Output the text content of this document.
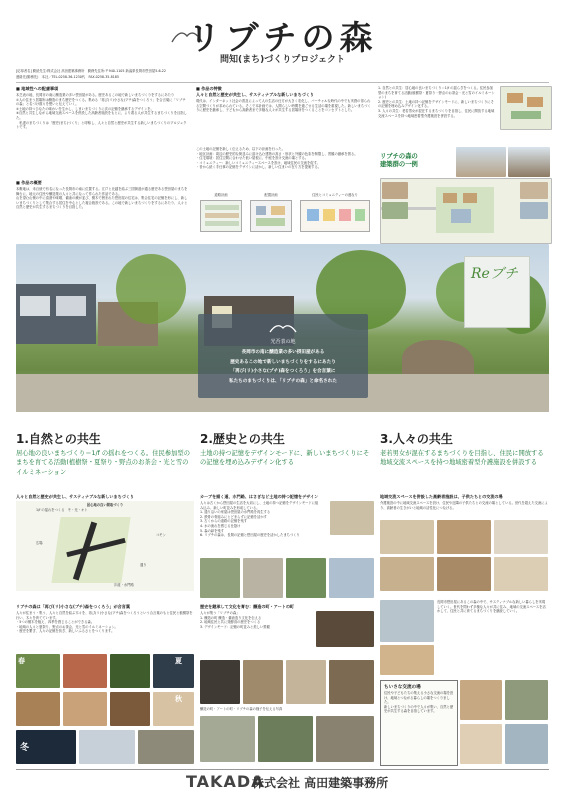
リブチの森
問知(まち)づくりプロジェクト
[応募者名] 勤続先生:株式会社 高田建築事務所　勤務先住所:〒940-1105 新潟県長岡市摂田屋5-6-22
連絡先(勤務先)　本社／TEL.0258-36-1230代　FAX.0258-35-8185
■ 地域性への配慮事項
本芝表の地、長岡市の南に醸造業の多い摂田屋がある。歴史あるこの地で新しいまちづくりをするにあたり
①人の住まう居場所は醸造のまち歴史をつくる。集める「再び(リ)小さな(プチ)森をつくろう」を合言葉に「リブチの森」と名づけ数々を想いと伝えていく。
②土地の持つひなたの味わいを生かし、しまいまちづくりに次の記憶を継承するデザインを。
③自然と共生しながら地域交流スペースを併設した高齢者施設をもとに、より着る人が共生するまちづくりを目指した。
　私達のまちづくりは「歴史(まち)づくり」と呼称し、人々と自然と歴史が共生する新しいまちづくりのプロジェクトです。
■ 作品の概要
本敷地は、米百俵で有名になった長岡市の南に位置する。江戸と北越を結ぶ三国街道が通る歴史ある摂田屋のまちを舞台に、地元の住民や醸造業の人々と共になって作られた作品である。
山を望む山懐の中に清酒や味噌、醤油の蔵が並び、樹木で囲まれた摂田屋の住宅は、集合住宅の記憶を形にし、新しいまちづくりとして集合する居住を中心とした複合施設である。この地で新しいまちづくりをするにあたり、人々と自然と歴史が共生するまちづくりを目指した。
■ 作品の特徴
人々と自然と歴史が共生し、サスティナブルな新しいまちづくり
現代は、インターネット社会の普及によって人の生活の仕方が大きく変化し、バーチャルな時代の中でも実感の得られる空間づくりが求められている。そこで本計画では、人間らしい時間を過ごせる生活の場を重視した。新しいまちづくりに歴史を継承し、子どもから高齢者まで多様な人々が共生する居場所をつくることをコンセプトとした。
この土地の記憶を新しく伝えるため、以下の計画を行った。
・地区計画：周辺の歴史的な街並みに溶け込む建物の高さ・形状と外観の色彩を制限し、景観の継承を図る。
・住宅環境：居住空間に合わせた低い屋根に、中庭を設け交流の場とする。
・コミュニティー：新しいコミュニティースペースを設け、地域住民の交流を促す。
・昔から続く手仕事の記憶をデザインに活かし、新しい住まいの在り方を提案する。
道路計画	配置計画	住民とコミュニティーの連なり
1. 自然との共生：居心地の良いまちづくり＝1/f の揺らぎをつくる。住民参加型のまちを育てる活動(植樹祭・夏祭り・野点のお茶会・光と雪のイルミネーション)
2. 歴史との共生：土地の持つ記憶をデザインモードに、新しいまちづくりにその記憶を埋め込みデザイン化する。
3. 人々の共生：老若男女が混在するまちづくりを目指し、住民に開放する地域交流スペースを持つ地域密着型介護施設を併設する。
リブチの森の
建築群の一例
Reブチ
光否表の地
長岡市の南に醸造業の多い摂田屋がある
歴史あるこの地で新しいまちづくりをするにあたり
「再び(リ)小さな(プチ)森をつくろう」を合言葉に
私たちのまちづくりは、「リブチの森」と命名された
1.自然との共生
居心地の良いまちづくり＝1/f の揺れをつくる。住民参加型のまちを育てる活動(植樹祭・夏祭り・野点のお茶会・光と雪のイルミネーション
2.歴史との共生
土地の持つ記憶をデザインモードに、新しいまちづくりにその記憶を埋め込みデザイン化する
3.人々の共生
老若男女が混在するまちづくりを目指し、住民に開放する地域交流スペースを持つ地域密着型介護施設を併設する
人々と自然と歴史が共生し、サスティナブルな新しいまちづくり
居心地の良い間取づくり
1/f の揺れをつくる　モ・光・オト
広場
コモン
通り
歩道・水門路
リブチの森は「再び(リ)小さな(プチ)森をつくろう」が合言葉
人々が住まう・集う、人々と自然を結ぶ木々を、再び(リ)小さな(プチ)森をつくろうという合言葉のもと住民と植樹祭を行い、木々を育てています。
・5つの樹木を植え、四季を感じることができる森。
・地域の人々と夏祭り、野点のお茶会、光と雪のイルミネーション。
・歴史を繋ぎ、人々の記憶を紡ぎ、新しいふるさとをつくります。
春	夏
秋
冬
カーブを描く道、水門路、はさぎなど土地の持つ記憶をデザイン
人々は古くから摂田屋の生活を大切にし、土地の持つ記憶をデザインモードに組み込み、新しい町並みを形成している。
1. 通り沿いの家屋は摂田屋の水門路を再生する
2. 鉄骨の骨組みにとどまらずに記憶を活かす
3. 古くからの道路の記憶を残す
4. 水の流れを感じる仕掛け
5. 森の緑を残す
6. リブチの森は、長岡の記憶と摂田屋の歴史を活かしたまちづくり
歴史を継承して文化を育む：醸造の町・アートの町
人々が集う「リブチの森」
1. 醸造の町 醸造・醤油造り文化を伝える
2. 地域住民と共に発酵食の歴史をつくる
3. デザインモード：記憶の町並みと美しい景観
醸造の町・アートの町・リブチの森の様子を伝える写真
地域交流スペースを併設した高齢者施設は、子供たちとの交流の場
介護施設の中に地域交流スペースを設け、住民や近隣の子供たちとの交流の場としている。世代を超えた交流により、高齢者の生きがいと地域の活性化につなげる。
長岡市摂田屋にあるこの森の中で、サスティナブルな新しい暮らしを実現していく。世代を問わず多様な人々が共に住み、地域の交流スペースを活かして、住民と共に育てるまちづくりを継続していく。
ちいさな交流の場
住民や子どもたちの集える小さな交流の場を設け、地域とつながる暮らしの場をつくりました。
新しいまちづくりの中で人々が集い、自然と歴史が共生する森を目指しています。
TAKADA
株式会社 高田建築事務所
